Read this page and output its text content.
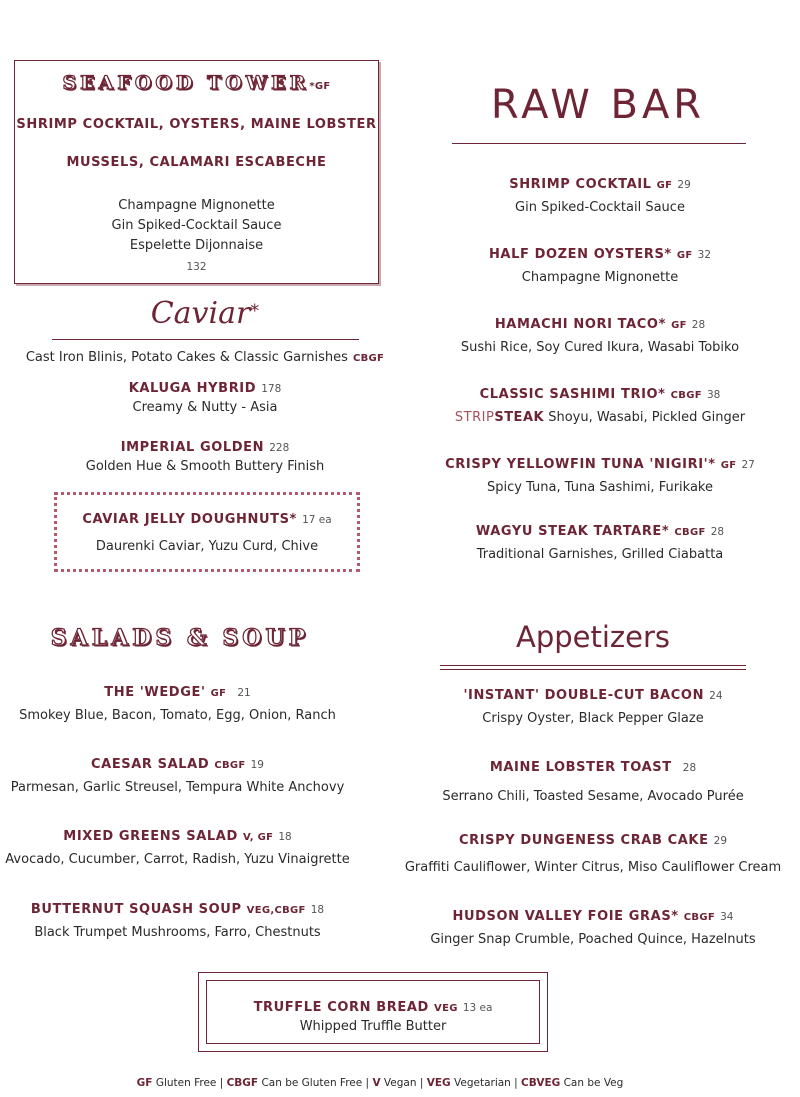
SEAFOOD TOWER*GF
SHRIMP COCKTAIL, OYSTERS, MAINE LOBSTER
MUSSELS, CALAMARI ESCABECHE
Champagne Mignonette
Gin Spiked-Cocktail Sauce
Espelette Dijonnaise
132
RAW BAR
SHRIMP COCKTAIL GF 29
Gin Spiked-Cocktail Sauce
HALF DOZEN OYSTERS* GF 32
Champagne Mignonette
HAMACHI NORI TACO* GF 28
Sushi Rice, Soy Cured Ikura, Wasabi Tobiko
CLASSIC SASHIMI TRIO* CBGF 38
STRIPSTEAK Shoyu, Wasabi, Pickled Ginger
CRISPY YELLOWFIN TUNA 'NIGIRI'* GF 27
Spicy Tuna, Tuna Sashimi, Furikake
WAGYU STEAK TARTARE* CBGF 28
Traditional Garnishes, Grilled Ciabatta
Caviar*
Cast Iron Blinis, Potato Cakes & Classic Garnishes CBGF
KALUGA HYBRID 178
Creamy & Nutty - Asia
IMPERIAL GOLDEN 228
Golden Hue & Smooth Buttery Finish
CAVIAR JELLY DOUGHNUTS* 17 ea
Daurenki Caviar, Yuzu Curd, Chive
SALADS & SOUP
THE 'WEDGE' GF 21
Smokey Blue, Bacon, Tomato, Egg, Onion, Ranch
CAESAR SALAD CBGF 19
Parmesan, Garlic Streusel, Tempura White Anchovy
MIXED GREENS SALAD V, GF 18
Avocado, Cucumber, Carrot, Radish, Yuzu Vinaigrette
BUTTERNUT SQUASH SOUP VEG,CBGF 18
Black Trumpet Mushrooms, Farro, Chestnuts
Appetizers
'INSTANT' DOUBLE-CUT BACON 24
Crispy Oyster, Black Pepper Glaze
MAINE LOBSTER TOAST 28
Serrano Chili, Toasted Sesame, Avocado Purée
CRISPY DUNGENESS CRAB CAKE 29
Graffiti Cauliflower, Winter Citrus, Miso Cauliflower Cream
HUDSON VALLEY FOIE GRAS* CBGF 34
Ginger Snap Crumble, Poached Quince, Hazelnuts
TRUFFLE CORN BREAD VEG 13 ea
Whipped Truffle Butter
GF Gluten Free | CBGF Can be Gluten Free | V Vegan | VEG Vegetarian | CBVEG Can be Veg
